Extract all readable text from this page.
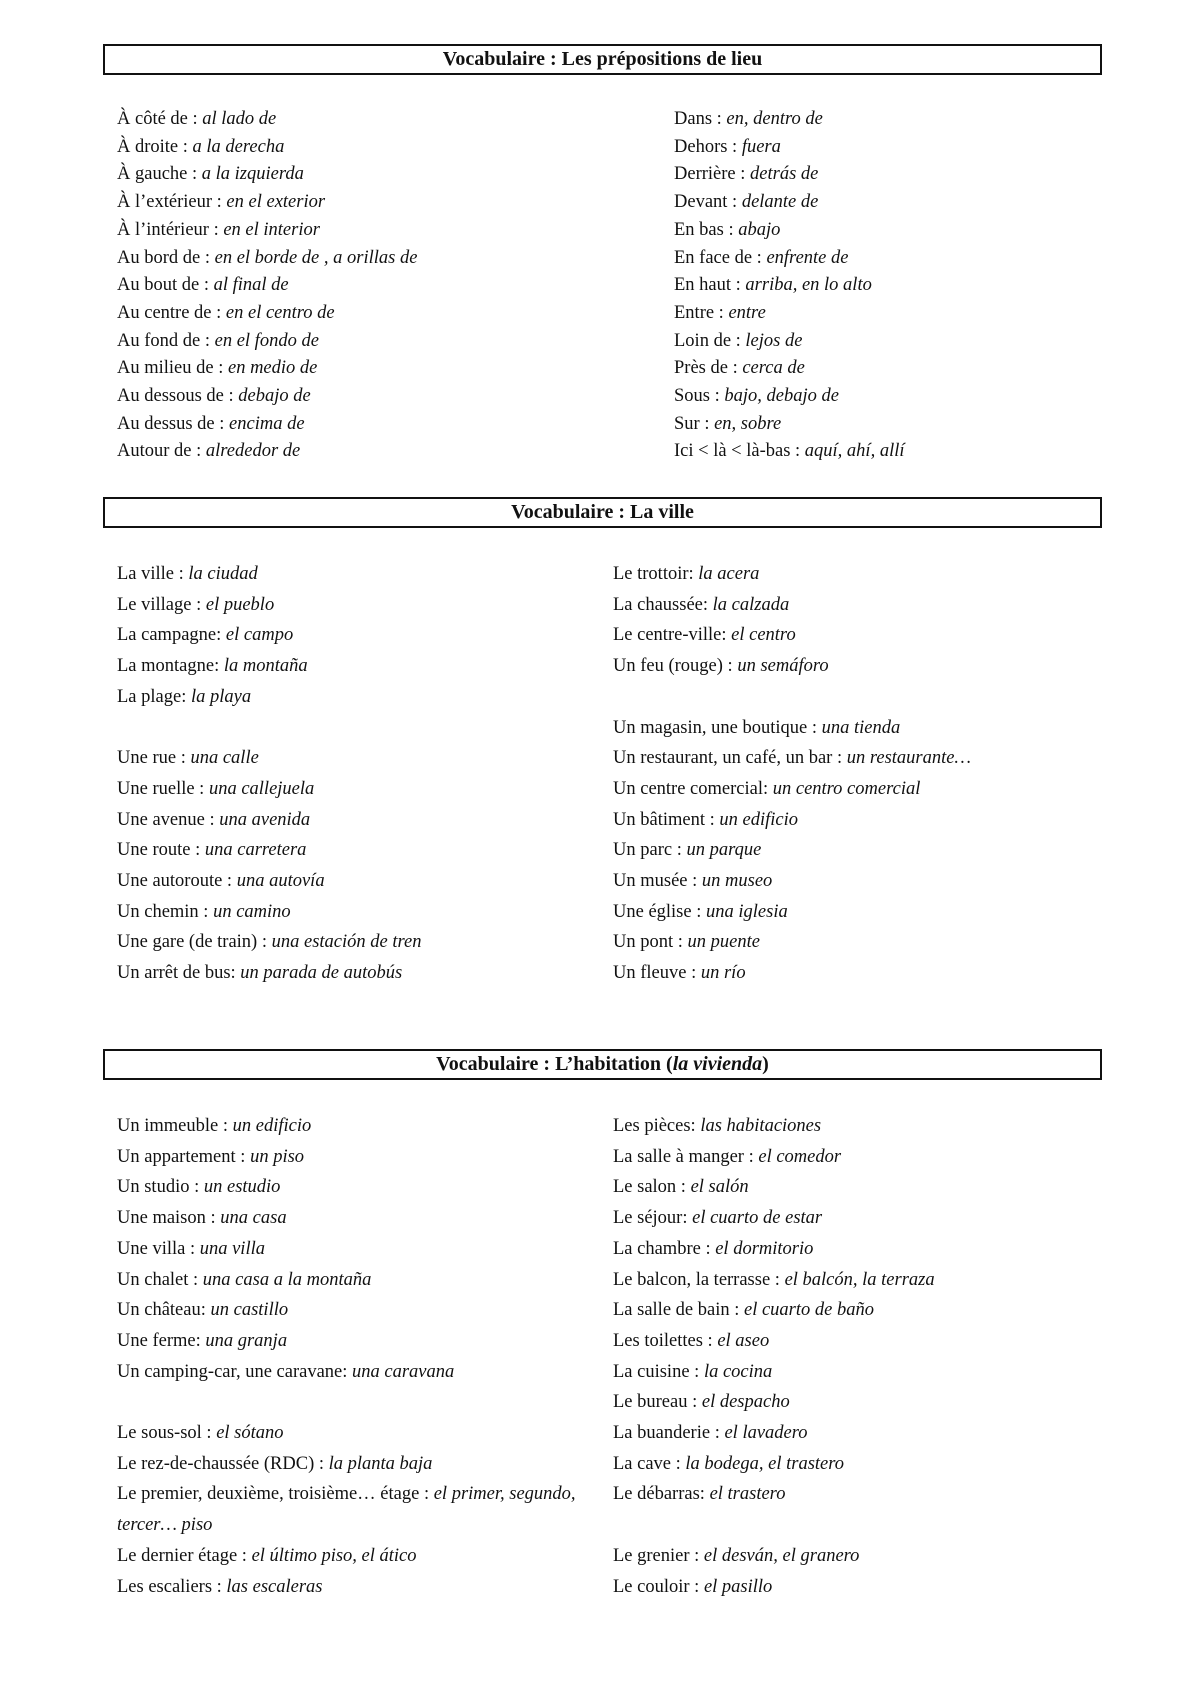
Vocabulaire : Les prépositions de lieu
À côté de : al lado de
À droite : a la derecha
À gauche : a la izquierda
À l’extérieur : en el exterior
À l’intérieur : en el interior
Au bord de : en el borde de , a orillas de
Au bout de : al final de
Au centre de : en el centro de
Au fond de : en el fondo de
Au milieu de : en medio de
Au dessous de : debajo de
Au dessus de : encima de
Autour de : alrededor de
Dans : en, dentro de
Dehors : fuera
Derrière : detrás de
Devant : delante de
En bas : abajo
En face de : enfrente de
En haut : arriba, en lo alto
Entre : entre
Loin de : lejos de
Près de : cerca de
Sous : bajo, debajo de
Sur : en, sobre
Ici < là < là-bas : aquí, ahí, allí
Vocabulaire : La ville
La ville : la ciudad
Le village : el pueblo
La campagne: el campo
La montagne: la montaña
La plage: la playa
Une rue : una calle
Une ruelle : una callejuela
Une avenue : una avenida
Une route : una carretera
Une autoroute : una autovía
Un chemin : un camino
Une gare (de train) : una estación de tren
Un arrêt de bus: un parada de autobús
Le trottoir: la acera
La chaussée: la calzada
Le centre-ville: el centro
Un feu (rouge) : un semáforo
Un magasin, une boutique : una tienda
Un restaurant, un café, un bar : un restaurante…
Un centre comercial: un centro comercial
Un bâtiment : un edificio
Un parc : un parque
Un musée : un museo
Une église : una iglesia
Un pont : un puente
Un fleuve : un río
Vocabulaire : L’habitation (la vivienda)
Un immeuble : un edificio
Un appartement : un piso
Un studio : un estudio
Une maison : una casa
Une villa : una villa
Un chalet : una casa a la montaña
Un château: un castillo
Une ferme: una granja
Un camping-car, une caravane: una caravana
Le sous-sol : el sótano
Le rez-de-chaussée (RDC) : la planta baja
Le premier, deuxième, troisième… étage : el primer, segundo, tercer… piso
Le dernier étage : el último piso, el ático
Les escaliers : las escaleras
Les pièces: las habitaciones
La salle à manger : el comedor
Le salon : el salón
Le séjour: el cuarto de estar
La chambre : el dormitorio
Le balcon, la terrasse : el balcón, la terraza
La salle de bain : el cuarto de baño
Les toilettes : el aseo
La cuisine : la cocina
Le bureau : el despacho
La buanderie : el lavadero
La cave : la bodega, el trastero
Le débarras: el trastero
Le grenier : el desván, el granero
Le couloir : el pasillo
